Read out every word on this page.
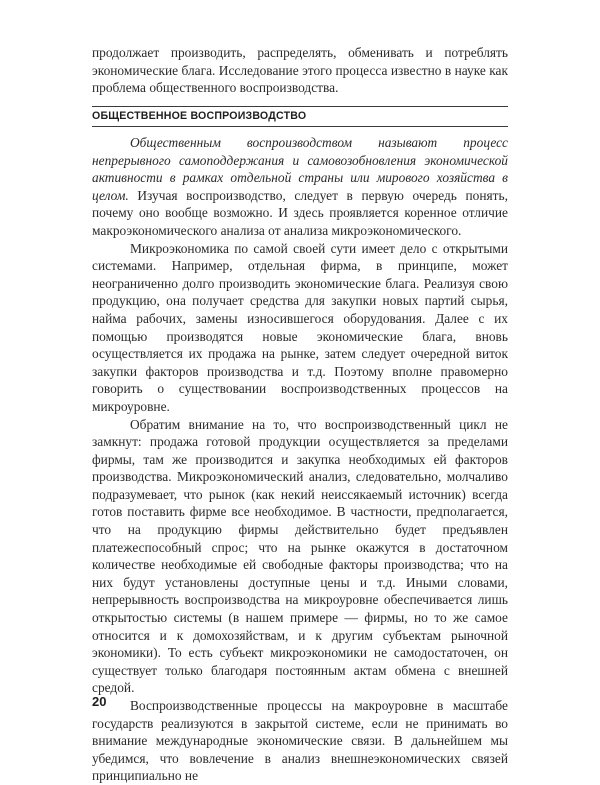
продолжает производить, распределять, обменивать и потреблять экономические блага. Исследование этого процесса известно в науке как проблема общественного воспроизводства.

ОБЩЕСТВЕННОЕ ВОСПРОИЗВОДСТВО

Общественным воспроизводством называют процесс непрерывного самоподдержания и самовозобновления экономической активности в рамках отдельной страны или мирового хозяйства в целом. Изучая воспроизводство, следует в первую очередь понять, почему оно вообще возможно. И здесь проявляется коренное отличие макроэкономического анализа от анализа микроэкономического.

Микроэкономика по самой своей сути имеет дело с открытыми системами. Например, отдельная фирма, в принципе, может неограниченно долго производить экономические блага. Реализуя свою продукцию, она получает средства для закупки новых партий сырья, найма рабочих, замены износившегося оборудования. Далее с их помощью производятся новые экономические блага, вновь осуществляется их продажа на рынке, затем следует очередной виток закупки факторов производства и т.д. Поэтому вполне правомерно говорить о существовании воспроизводственных процессов на микроуровне.

Обратим внимание на то, что воспроизводственный цикл не замкнут: продажа готовой продукции осуществляется за пределами фирмы, там же производится и закупка необходимых ей факторов производства. Микроэкономический анализ, следовательно, молчаливо подразумевает, что рынок (как некий неиссякаемый источник) всегда готов поставить фирме все необходимое. В частности, предполагается, что на продукцию фирмы действительно будет предъявлен платежеспособный спрос; что на рынке окажутся в достаточном количестве необходимые ей свободные факторы производства; что на них будут установлены доступные цены и т.д. Иными словами, непрерывность воспроизводства на микроуровне обеспечивается лишь открытостью системы (в нашем примере — фирмы, но то же самое относится и к домохозяйствам, и к другим субъектам рыночной экономики). То есть субъект микроэкономики не самодостаточен, он существует только благодаря постоянным актам обмена с внешней средой.

Воспроизводственные процессы на макроуровне в масштабе государств реализуются в закрытой системе, если не принимать во внимание международные экономические связи. В дальнейшем мы убедимся, что вовлечение в анализ внешнеэкономических связей принципиально не

20
